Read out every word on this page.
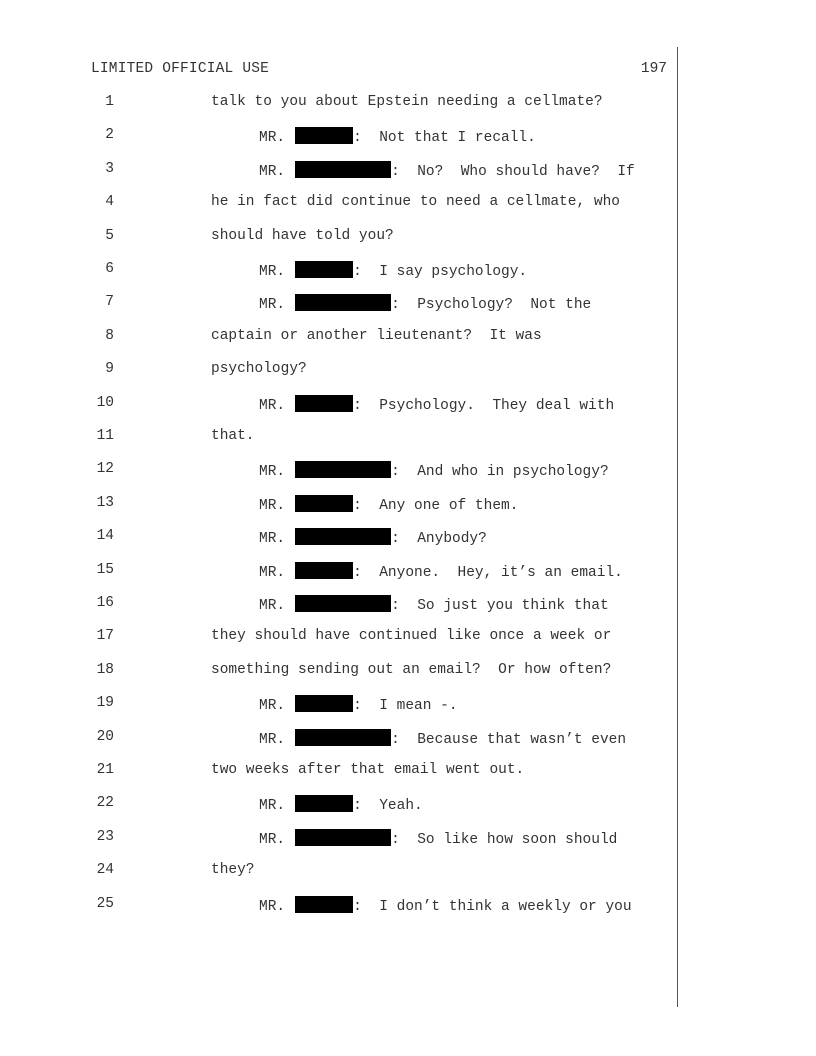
LIMITED OFFICIAL USE	197
1	talk to you about Epstein needing a cellmate?
2	MR.	:  Not that I recall.
3	MR.	:  No?  Who should have?  If
4	he in fact did continue to need a cellmate, who
5	should have told you?
6	MR.	:  I say psychology.
7	MR.	:  Psychology?  Not the
8	captain or another lieutenant?  It was
9	psychology?
10	MR.	:  Psychology.  They deal with
11	that.
12	MR.	:  And who in psychology?
13	MR.	:  Any one of them.
14	MR.	:  Anybody?
15	MR.	:  Anyone.  Hey, it’s an email.
16	MR.	:  So just you think that
17	they should have continued like once a week or
18	something sending out an email?  Or how often?
19	MR.	:  I mean -.
20	MR.	:  Because that wasn’t even
21	two weeks after that email went out.
22	MR.	:  Yeah.
23	MR.	:  So like how soon should
24	they?
25	MR.	:  I don’t think a weekly or you
